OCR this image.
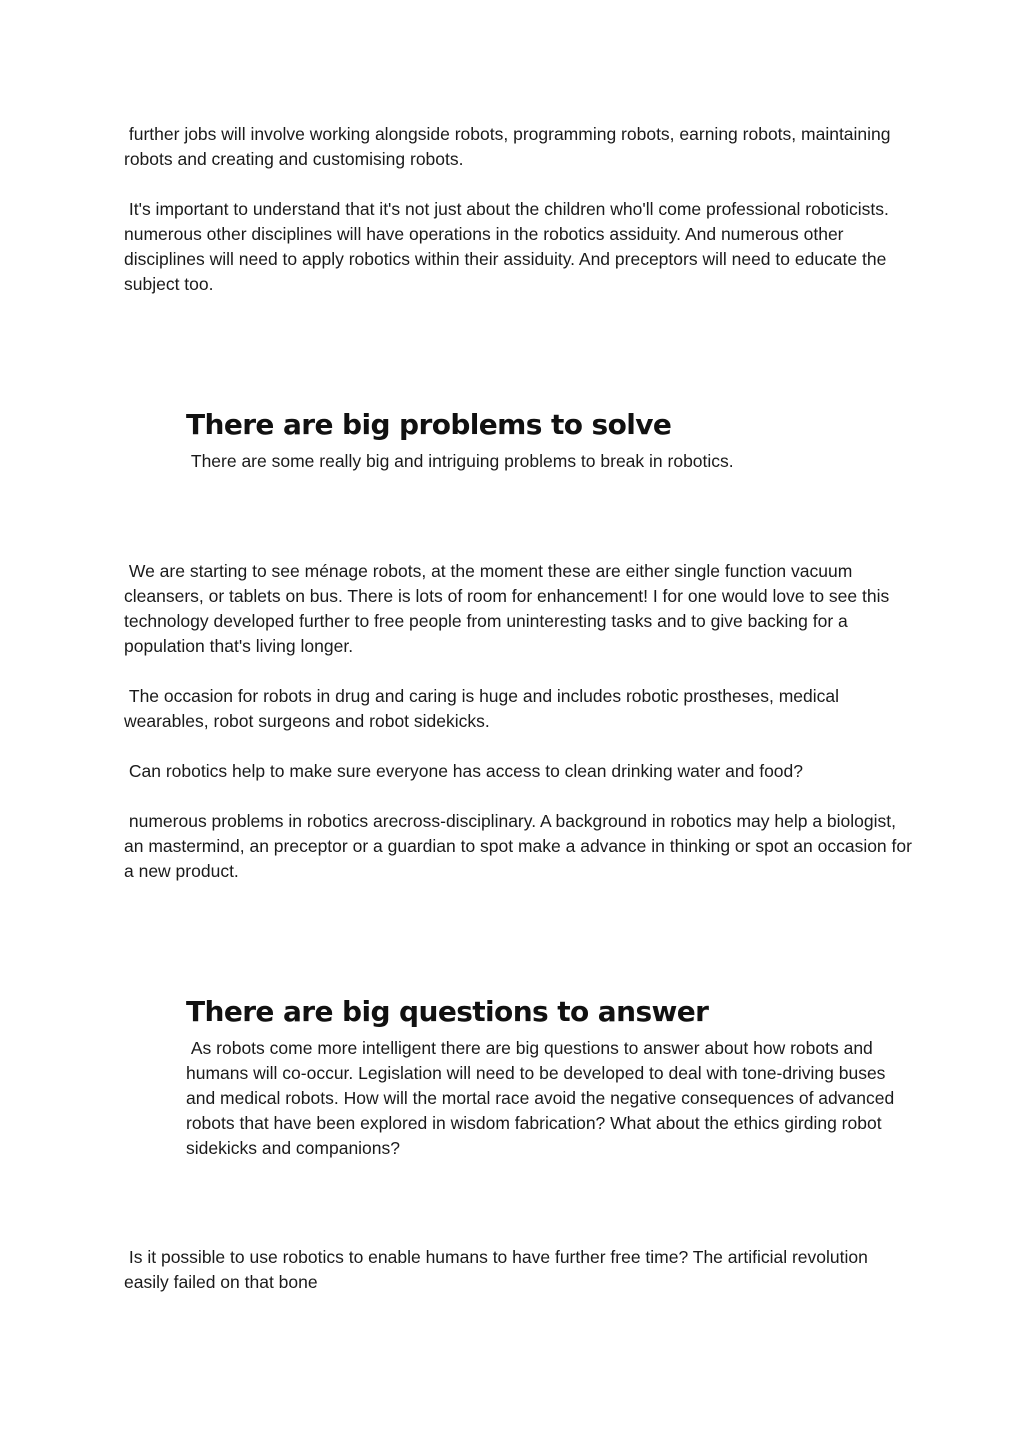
further jobs will involve working alongside robots, programming robots, earning robots, maintaining robots and creating and customising robots.

It's important to understand that it's not just about the children who'll come professional roboticists. numerous other disciplines will have operations in the robotics assiduity. And numerous other disciplines will need to apply robotics within their assiduity. And preceptors will need to educate the subject too.

There are big problems to solve

There are some really big and intriguing problems to break in robotics.

We are starting to see ménage robots, at the moment these are either single function vacuum cleansers, or tablets on bus. There is lots of room for enhancement! I for one would love to see this technology developed further to free people from uninteresting tasks and to give backing for a population that's living longer.

The occasion for robots in drug and caring is huge and includes robotic prostheses, medical wearables, robot surgeons and robot sidekicks.

Can robotics help to make sure everyone has access to clean drinking water and food?

numerous problems in robotics arecross-disciplinary. A background in robotics may help a biologist, an mastermind, an preceptor or a guardian to spot make a advance in thinking or spot an occasion for a new product.

There are big questions to answer

As robots come more intelligent there are big questions to answer about how robots and humans will co-occur. Legislation will need to be developed to deal with tone-driving buses and medical robots. How will the mortal race avoid the negative consequences of advanced robots that have been explored in wisdom fabrication? What about the ethics girding robot sidekicks and companions?

Is it possible to use robotics to enable humans to have further free time? The artificial revolution easily failed on that bone
